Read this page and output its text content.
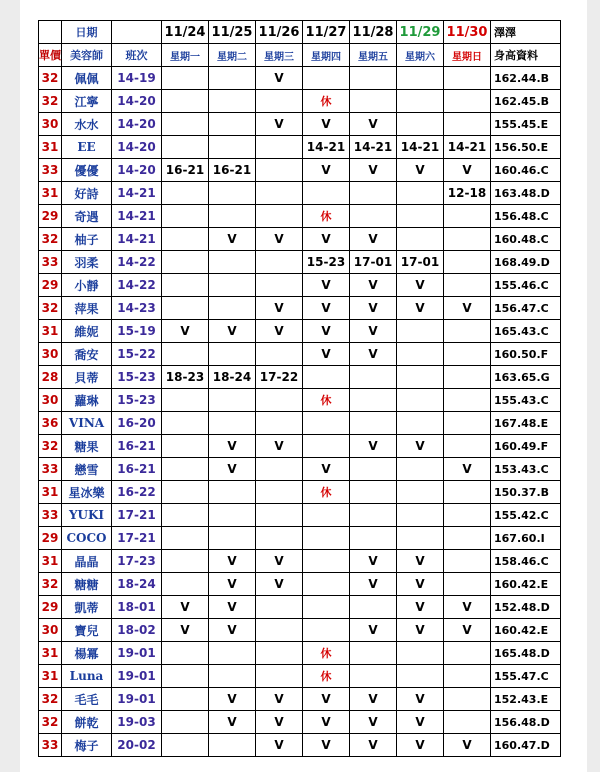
	日期		11/24	11/25	11/26	11/27	11/28	11/29	11/30	澤澤
單價	美容師	班次	星期一	星期二	星期三	星期四	星期五	星期六	星期日	身高資料
32	佩佩	14-19			V					162.44.B
32	江寧	14-20				休				162.45.B
30	水水	14-20			V	V	V			155.45.E
31	EE	14-20				14-21	14-21	14-21	14-21	156.50.E
33	優優	14-20	16-21	16-21		V	V	V	V	160.46.C
31	好詩	14-21							12-18	163.48.D
29	奇遇	14-21				休				156.48.C
32	柚子	14-21		V	V	V	V			160.48.C
33	羽柔	14-22				15-23	17-01	17-01		168.49.D
29	小靜	14-22				V	V	V		155.46.C
32	萍果	14-23			V	V	V	V	V	156.47.C
31	維妮	15-19	V	V	V	V	V			165.43.C
30	喬安	15-22				V	V			160.50.F
28	貝蒂	15-23	18-23	18-24	17-22					163.65.G
30	蘿琳	15-23				休				155.43.C
36	VINA	16-20								167.48.E
32	糖果	16-21		V	V		V	V		160.49.F
33	戀雪	16-21		V		V			V	153.43.C
31	星冰樂	16-22				休				150.37.B
33	YUKI	17-21								155.42.C
29	COCO	17-21								167.60.I
31	晶晶	17-23		V	V		V	V		158.46.C
32	糖糖	18-24		V	V		V	V		160.42.E
29	凱蒂	18-01	V	V				V	V	152.48.D
30	寶兒	18-02	V	V			V	V	V	160.42.E
31	楊冪	19-01				休				165.48.D
31	Luna	19-01				休				155.47.C
32	毛毛	19-01		V	V	V	V	V		152.43.E
32	餅乾	19-03		V	V	V	V	V		156.48.D
33	梅子	20-02			V	V	V	V	V	160.47.D
